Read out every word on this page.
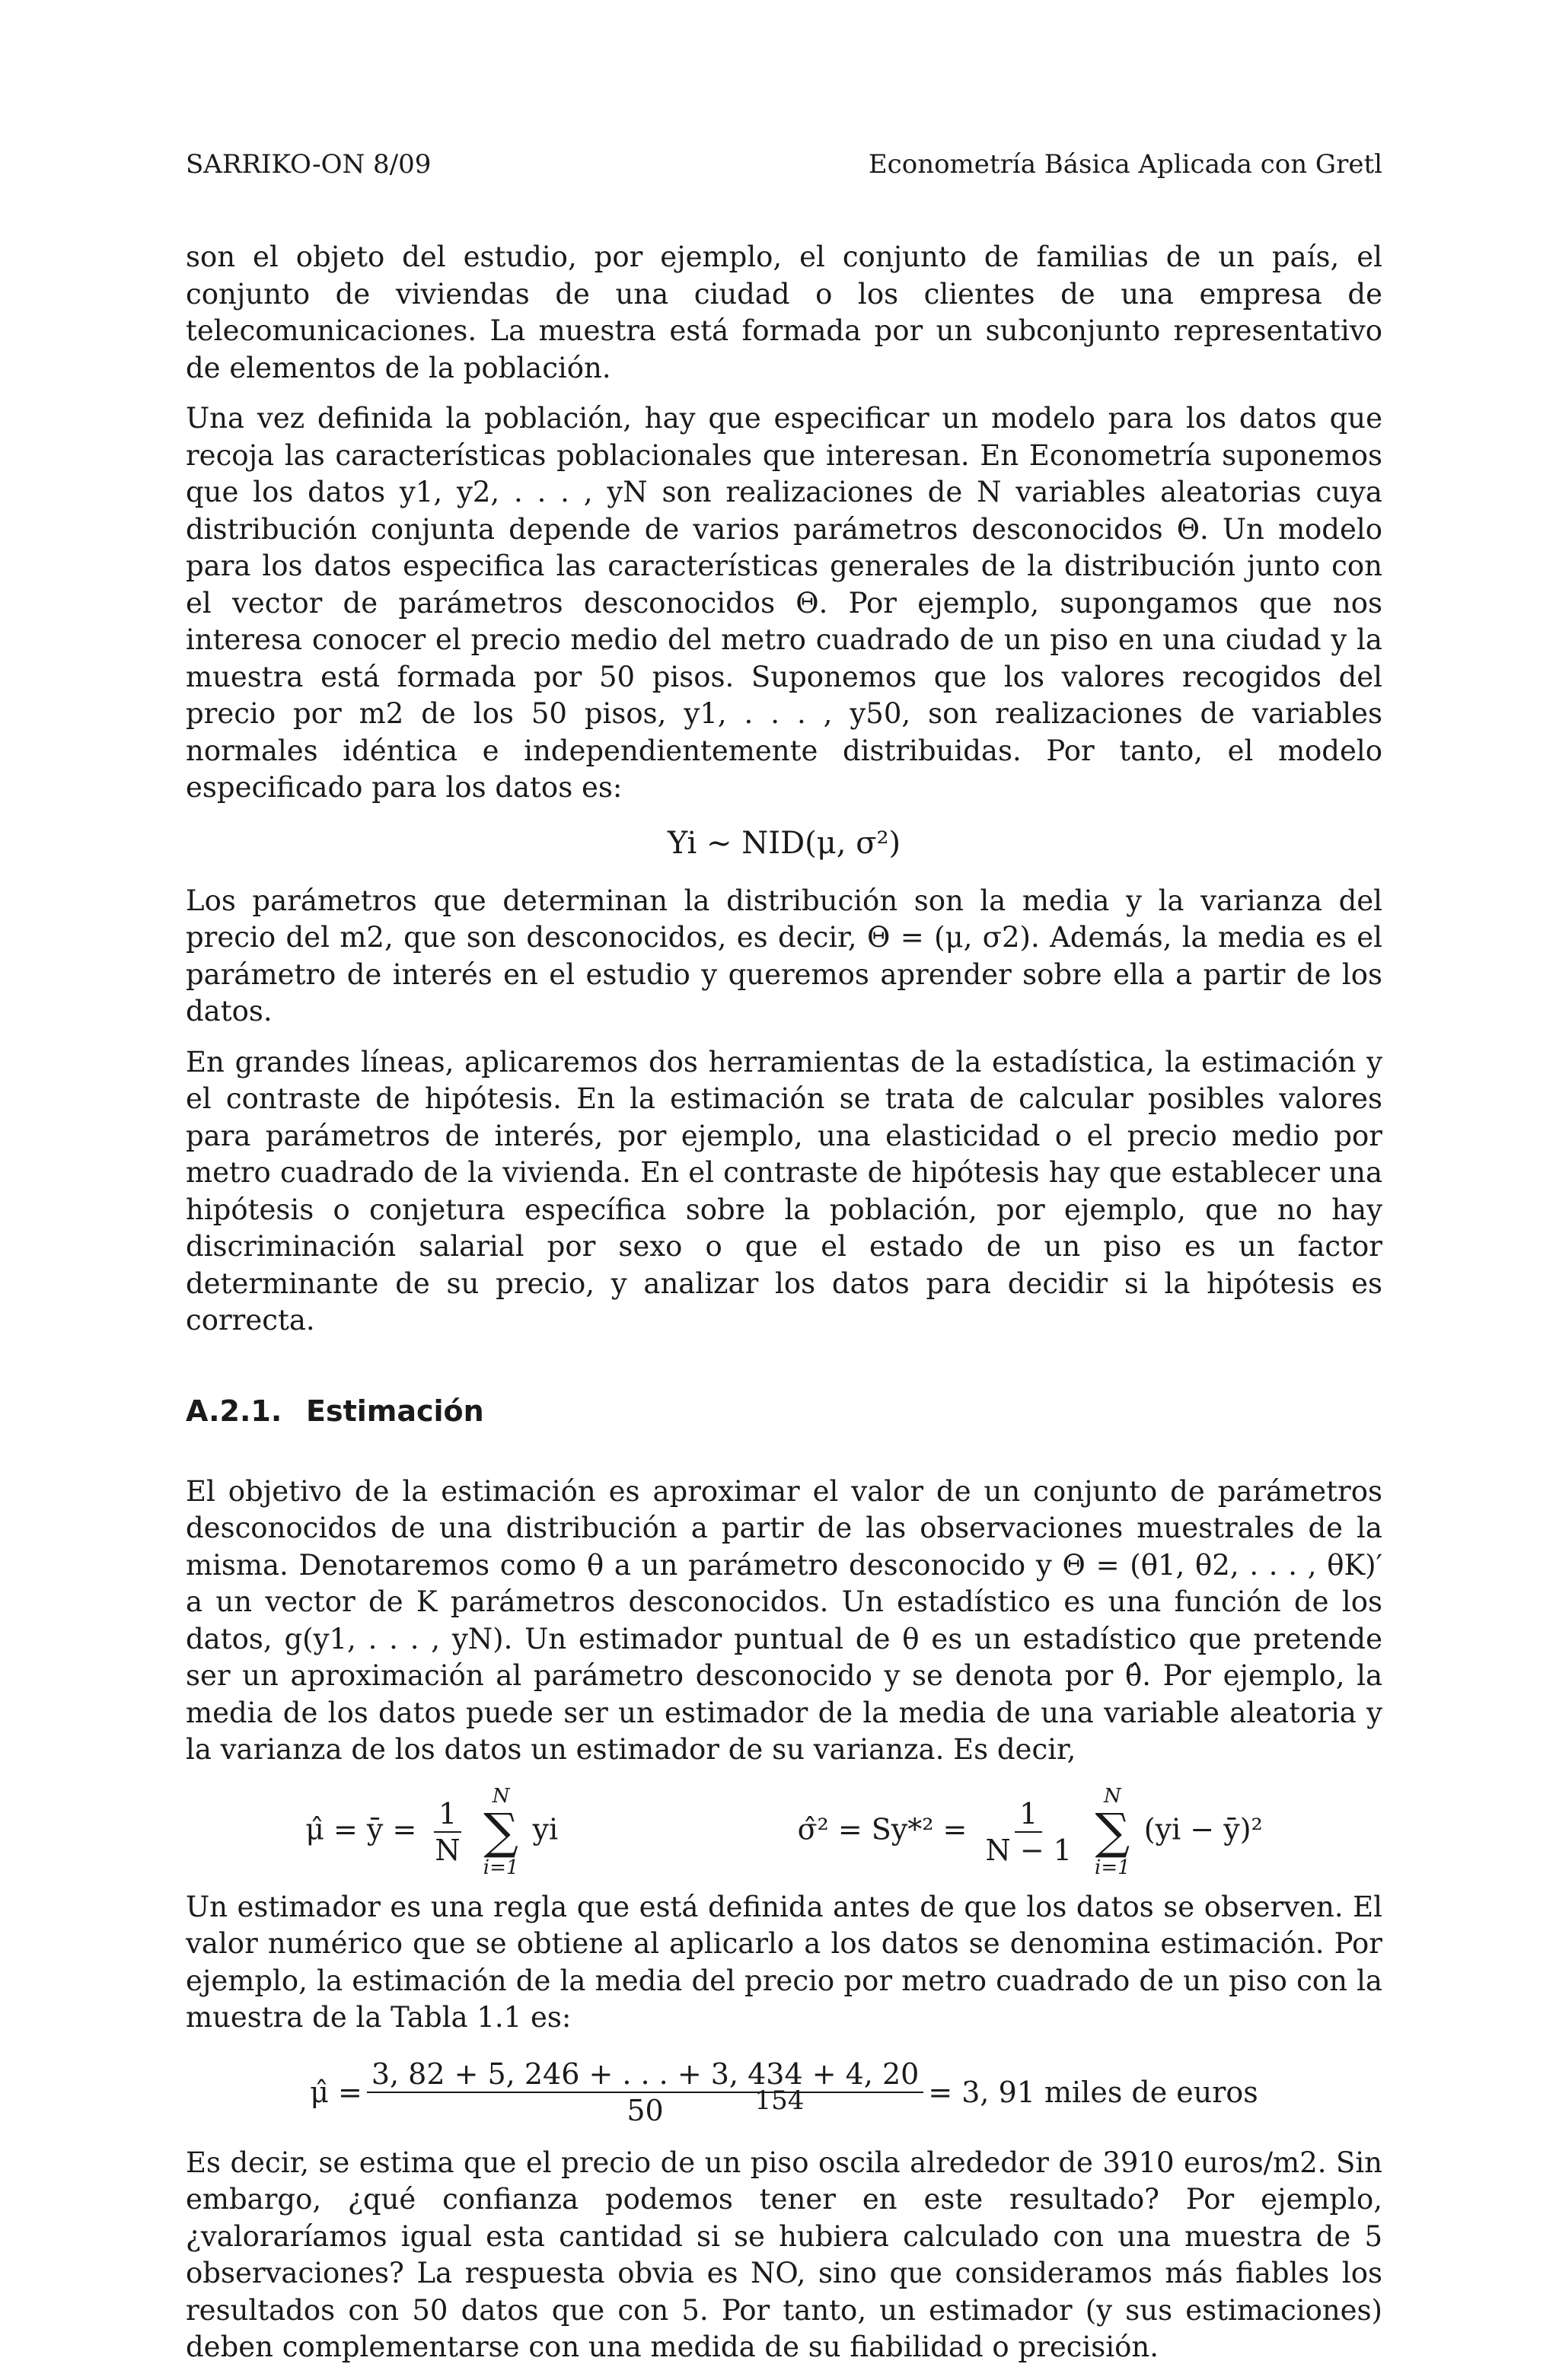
SARRIKO-ON 8/09	Econometría Básica Aplicada con Gretl

son el objeto del estudio, por ejemplo, el conjunto de familias de un país, el conjunto de viviendas de una ciudad o los clientes de una empresa de telecomunicaciones. La muestra está formada por un subconjunto representativo de elementos de la población.

Una vez definida la población, hay que especificar un modelo para los datos que recoja las características poblacionales que interesan. En Econometría suponemos que los datos y1, y2, . . . , yN son realizaciones de N variables aleatorias cuya distribución conjunta depende de varios parámetros desconocidos Θ. Un modelo para los datos especifica las características generales de la distribución junto con el vector de parámetros desconocidos Θ. Por ejemplo, supongamos que nos interesa conocer el precio medio del metro cuadrado de un piso en una ciudad y la muestra está formada por 50 pisos. Suponemos que los valores recogidos del precio por m2 de los 50 pisos, y1, . . . , y50, son realizaciones de variables normales idéntica e independientemente distribuidas. Por tanto, el modelo especificado para los datos es:

Yi ∼ NID(μ, σ²)

Los parámetros que determinan la distribución son la media y la varianza del precio del m2, que son desconocidos, es decir, Θ = (μ, σ2). Además, la media es el parámetro de interés en el estudio y queremos aprender sobre ella a partir de los datos.

En grandes líneas, aplicaremos dos herramientas de la estadística, la estimación y el contraste de hipótesis. En la estimación se trata de calcular posibles valores para parámetros de interés, por ejemplo, una elasticidad o el precio medio por metro cuadrado de la vivienda. En el contraste de hipótesis hay que establecer una hipótesis o conjetura específica sobre la población, por ejemplo, que no hay discriminación salarial por sexo o que el estado de un piso es un factor determinante de su precio, y analizar los datos para decidir si la hipótesis es correcta.

A.2.1. Estimación

El objetivo de la estimación es aproximar el valor de un conjunto de parámetros desconocidos de una distribución a partir de las observaciones muestrales de la misma. Denotaremos como θ a un parámetro desconocido y Θ = (θ1, θ2, . . . , θK)′ a un vector de K parámetros desconocidos. Un estadístico es una función de los datos, g(y1, . . . , yN). Un estimador puntual de θ es un estadístico que pretende ser un aproximación al parámetro desconocido y se denota por θ̂. Por ejemplo, la media de los datos puede ser un estimador de la media de una variable aleatoria y la varianza de los datos un estimador de su varianza. Es decir,

μ̂ = ȳ = $\frac{1}{N}$
N
∑
i=1
yi	σ̂² = $Sy*^2 = \frac{1}{N - 1}$
N
∑
i=1
(yi − ȳ)²

Un estimador es una regla que está definida antes de que los datos se observen. El valor numérico que se obtiene al aplicarlo a los datos se denomina estimación. Por ejemplo, la estimación de la media del precio por metro cuadrado de un piso con la muestra de la Tabla 1.1 es:

μ̂ = $\frac{3, 82 + 5, 246 + . . . + 3, 434 + 4, 20}{50} = 3$, 91 miles de euros

Es decir, se estima que el precio de un piso oscila alrededor de 3910 euros/m2. Sin embargo, ¿qué confianza podemos tener en este resultado? Por ejemplo, ¿valoraríamos igual esta cantidad si se hubiera calculado con una muestra de 5 observaciones? La respuesta obvia es NO, sino que consideramos más fiables los resultados con 50 datos que con 5. Por tanto, un estimador (y sus estimaciones) deben complementarse con una medida de su fiabilidad o precisión.

154
